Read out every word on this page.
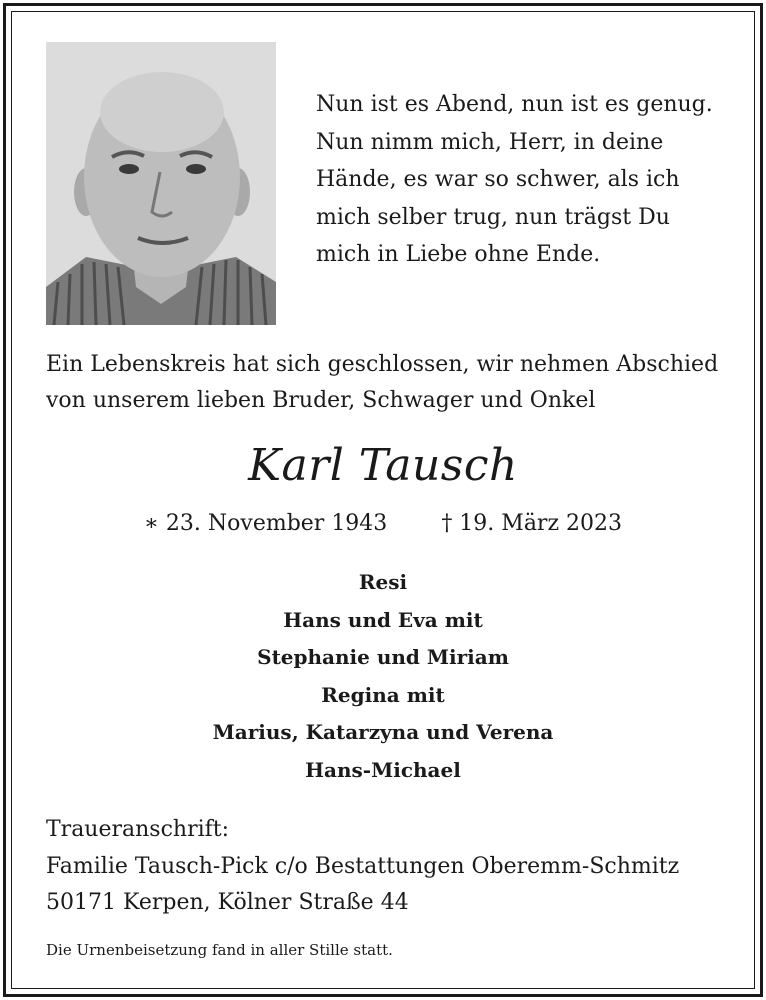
Nun ist es Abend, nun ist es genug.
Nun nimm mich, Herr, in deine
Hände, es war so schwer, als ich
mich selber trug, nun trägst Du
mich in Liebe ohne Ende.
Ein Lebenskreis hat sich geschlossen, wir nehmen Abschied
von unserem lieben Bruder, Schwager und Onkel
Karl Tausch
∗ 23. November 1943 † 19. März 2023
Resi
Hans und Eva mit
Stephanie und Miriam
Regina mit
Marius, Katarzyna und Verena
Hans-Michael
Traueranschrift:
Familie Tausch-Pick c/o Bestattungen Oberemm-Schmitz
50171 Kerpen, Kölner Straße 44
Die Urnenbeisetzung fand in aller Stille statt.
